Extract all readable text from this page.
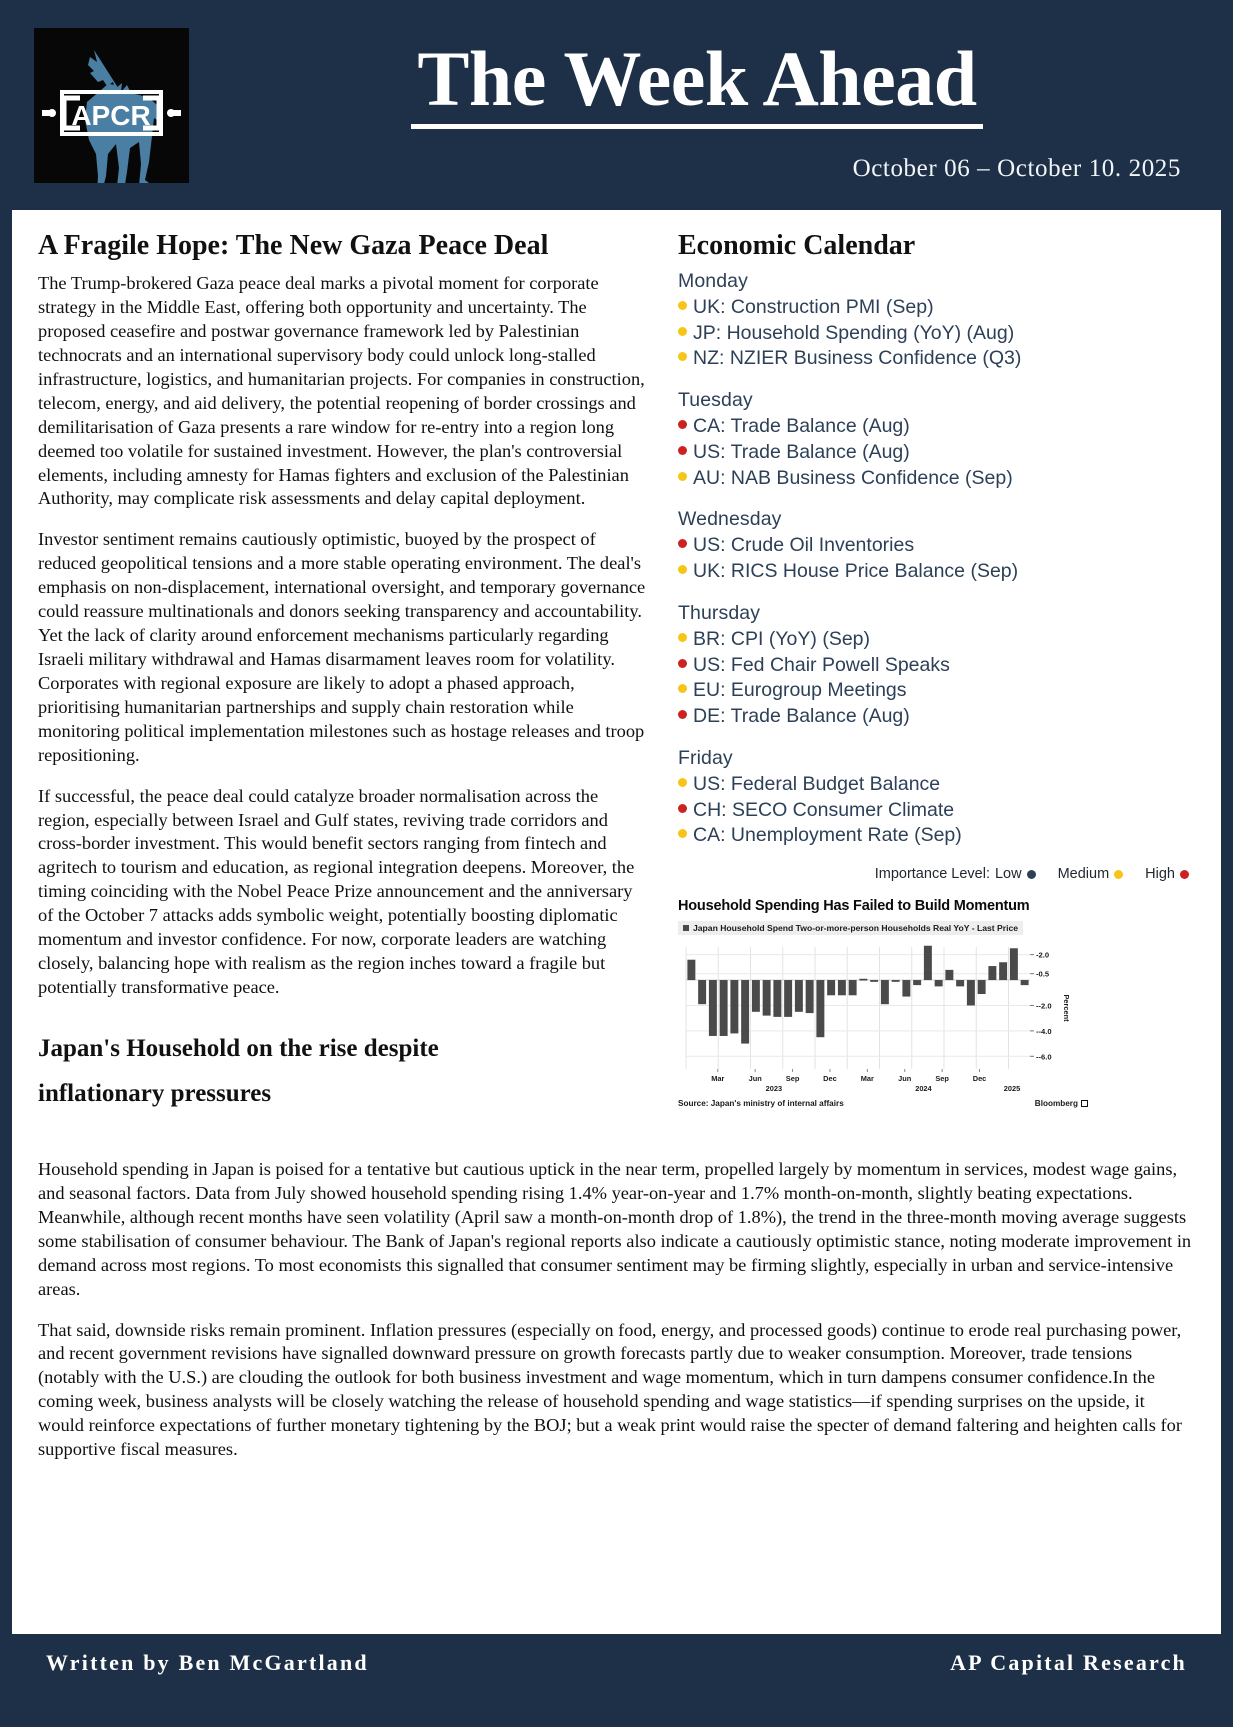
APCR	The Week Ahead
October 06 – October 10. 2025
A Fragile Hope: The New Gaza Peace Deal

The Trump-brokered Gaza peace deal marks a pivotal moment for corporate strategy in the Middle East, offering both opportunity and uncertainty. The proposed ceasefire and postwar governance framework led by Palestinian technocrats and an international supervisory body could unlock long-stalled infrastructure, logistics, and humanitarian projects. For companies in construction, telecom, energy, and aid delivery, the potential reopening of border crossings and demilitarisation of Gaza presents a rare window for re-entry into a region long deemed too volatile for sustained investment. However, the plan's controversial elements, including amnesty for Hamas fighters and exclusion of the Palestinian Authority, may complicate risk assessments and delay capital deployment.

Investor sentiment remains cautiously optimistic, buoyed by the prospect of reduced geopolitical tensions and a more stable operating environment. The deal's emphasis on non-displacement, international oversight, and temporary governance could reassure multinationals and donors seeking transparency and accountability. Yet the lack of clarity around enforcement mechanisms particularly regarding Israeli military withdrawal and Hamas disarmament leaves room for volatility. Corporates with regional exposure are likely to adopt a phased approach, prioritising humanitarian partnerships and supply chain restoration while monitoring political implementation milestones such as hostage releases and troop repositioning.

If successful, the peace deal could catalyze broader normalisation across the region, especially between Israel and Gulf states, reviving trade corridors and cross-border investment. This would benefit sectors ranging from fintech and agritech to tourism and education, as regional integration deepens. Moreover, the timing coinciding with the Nobel Peace Prize announcement and the anniversary of the October 7 attacks adds symbolic weight, potentially boosting diplomatic momentum and investor confidence. For now, corporate leaders are watching closely, balancing hope with realism as the region inches toward a fragile but potentially transformative peace.

Japan's Household on the rise despite
inflationary pressures
Economic Calendar
Monday
UK: Construction PMI (Sep)
JP: Household Spending (YoY) (Aug)
NZ: NZIER Business Confidence (Q3)
Tuesday
CA: Trade Balance (Aug)
US: Trade Balance (Aug)
AU: NAB Business Confidence (Sep)
Wednesday
US: Crude Oil Inventories
UK: RICS House Price Balance (Sep)
Thursday
BR: CPI (YoY) (Sep)
US: Fed Chair Powell Speaks
EU: Eurogroup Meetings
DE: Trade Balance (Aug)
Friday
US: Federal Budget Balance
CH: SECO Consumer Climate
CA: Unemployment Rate (Sep)
Importance Level: Low Medium High
Household Spending Has Failed to Build Momentum
Japan Household Spend Two-or-more-person Households Real YoY - Last Price
-2.0
-0.5
--2.0
--4.0
--6.0
Percent
Mar	Jun	Sep	Dec	Mar	Jun	Sep	Dec
2023	2024	2025
Source: Japan's ministry of internal affairs	Bloomberg

Household spending in Japan is poised for a tentative but cautious uptick in the near term, propelled largely by momentum in services, modest wage gains, and seasonal factors. Data from July showed household spending rising 1.4% year-on-year and 1.7% month-on-month, slightly beating expectations. Meanwhile, although recent months have seen volatility (April saw a month-on-month drop of 1.8%), the trend in the three-month moving average suggests some stabilisation of consumer behaviour. The Bank of Japan's regional reports also indicate a cautiously optimistic stance, noting moderate improvement in demand across most regions. To most economists this signalled that consumer sentiment may be firming slightly, especially in urban and service-intensive areas.

That said, downside risks remain prominent. Inflation pressures (especially on food, energy, and processed goods) continue to erode real purchasing power, and recent government revisions have signalled downward pressure on growth forecasts partly due to weaker consumption. Moreover, trade tensions (notably with the U.S.) are clouding the outlook for both business investment and wage momentum, which in turn dampens consumer confidence.In the coming week, business analysts will be closely watching the release of household spending and wage statistics—if spending surprises on the upside, it would reinforce expectations of further monetary tightening by the BOJ; but a weak print would raise the specter of demand faltering and heighten calls for supportive fiscal measures.

Written by Ben McGartland	AP Capital Research
